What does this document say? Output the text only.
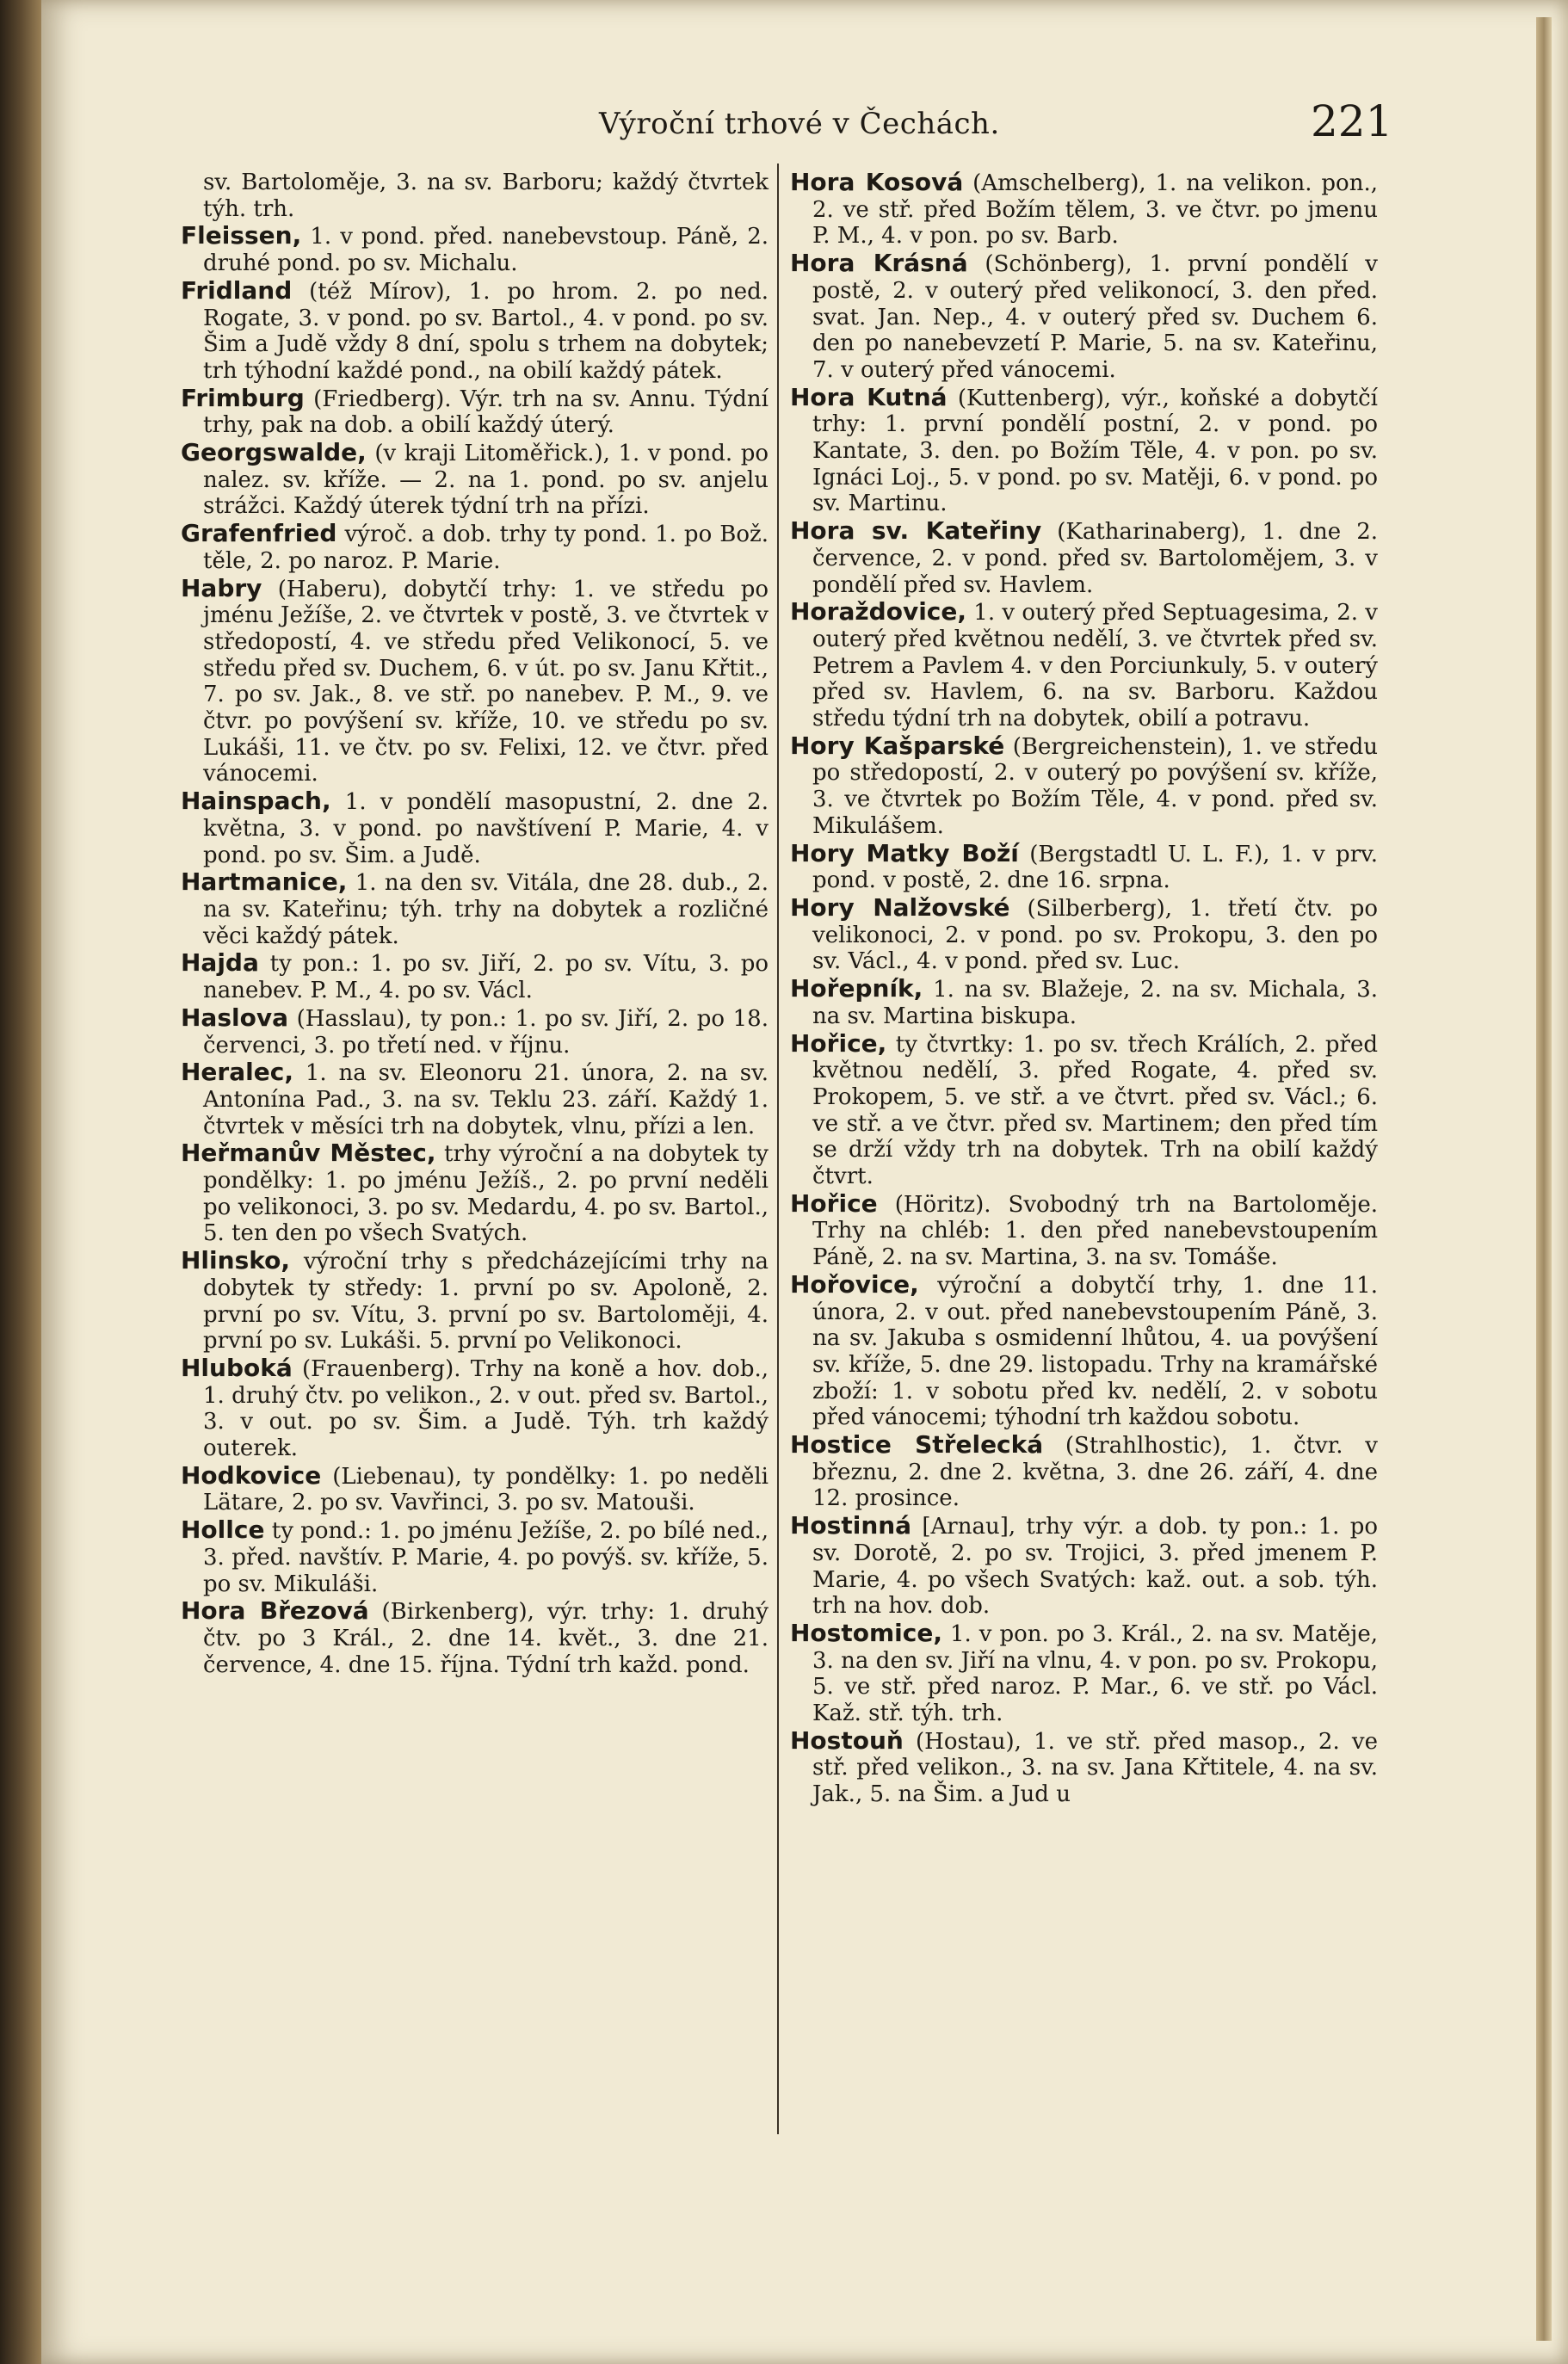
Výroční trhové v Čechách.	221

sv. Bartoloměje, 3. na sv. Barboru; každý čtvrtek týh. trh.

Fleissen, 1. v pond. před. nanebevstoup. Páně, 2. druhé pond. po sv. Michalu.

Fridland (též Mírov), 1. po hrom. 2. po ned. Rogate, 3. v pond. po sv. Bartol., 4. v pond. po sv. Šim a Judě vždy 8 dní, spolu s trhem na dobytek; trh týhodní každé pond., na obilí každý pátek.

Frimburg (Friedberg). Výr. trh na sv. Annu. Týdní trhy, pak na dob. a obilí každý úterý.

Georgswalde, (v kraji Litoměřick.), 1. v pond. po nalez. sv. kříže. — 2. na 1. pond. po sv. anjelu strážci. Každý úterek týdní trh na přízi.

Grafenfried výroč. a dob. trhy ty pond. 1. po Bož. těle, 2. po naroz. P. Marie.

Habry (Haberu), dobytčí trhy: 1. ve středu po jménu Ježíše, 2. ve čtvrtek v postě, 3. ve čtvrtek v středopostí, 4. ve středu před Velikonocí, 5. ve středu před sv. Duchem, 6. v út. po sv. Janu Křtit., 7. po sv. Jak., 8. ve stř. po nanebev. P. M., 9. ve čtvr. po povýšení sv. kříže, 10. ve středu po sv. Lukáši, 11. ve čtv. po sv. Felixi, 12. ve čtvr. před vánocemi.

Hainspach, 1. v pondělí masopustní, 2. dne 2. května, 3. v pond. po navštívení P. Marie, 4. v pond. po sv. Šim. a Judě.

Hartmanice, 1. na den sv. Vitála, dne 28. dub., 2. na sv. Kateřinu; týh. trhy na dobytek a rozličné věci každý pátek.

Hajda ty pon.: 1. po sv. Jiří, 2. po sv. Vítu, 3. po nanebev. P. M., 4. po sv. Václ.

Haslova (Hasslau), ty pon.: 1. po sv. Jiří, 2. po 18. červenci, 3. po třetí ned. v říjnu.

Heralec, 1. na sv. Eleonoru 21. února, 2. na sv. Antonína Pad., 3. na sv. Teklu 23. září. Každý 1. čtvrtek v měsíci trh na dobytek, vlnu, přízi a len.

Heřmanův Městec, trhy výroční a na dobytek ty pondělky: 1. po jménu Ježíš., 2. po první neděli po velikonoci, 3. po sv. Medardu, 4. po sv. Bartol., 5. ten den po všech Svatých.

Hlinsko, výroční trhy s předcházejícími trhy na dobytek ty středy: 1. první po sv. Apoloně, 2. první po sv. Vítu, 3. první po sv. Bartoloměji, 4. první po sv. Lukáši. 5. první po Velikonoci.

Hluboká (Frauenberg). Trhy na koně a hov. dob., 1. druhý čtv. po velikon., 2. v out. před sv. Bartol., 3. v out. po sv. Šim. a Judě. Týh. trh každý outerek.

Hodkovice (Liebenau), ty pondělky: 1. po neděli Lätare, 2. po sv. Vavřinci, 3. po sv. Matouši.

Hollce ty pond.: 1. po jménu Ježíše, 2. po bílé ned., 3. před. navštív. P. Marie, 4. po povýš. sv. kříže, 5. po sv. Mikuláši.

Hora Březová (Birkenberg), výr. trhy: 1. druhý čtv. po 3 Král., 2. dne 14. květ., 3. dne 21. července, 4. dne 15. října. Týdní trh každ. pond.

Hora Kosová (Amschelberg), 1. na velikon. pon., 2. ve stř. před Božím tělem, 3. ve čtvr. po jmenu P. M., 4. v pon. po sv. Barb.

Hora Krásná (Schönberg), 1. první pondělí v postě, 2. v outerý před velikonocí, 3. den před. svat. Jan. Nep., 4. v outerý před sv. Duchem 6. den po nanebevzetí P. Marie, 5. na sv. Kateřinu, 7. v outerý před vánocemi.

Hora Kutná (Kuttenberg), výr., koňské a dobytčí trhy: 1. první pondělí postní, 2. v pond. po Kantate, 3. den. po Božím Těle, 4. v pon. po sv. Ignáci Loj., 5. v pond. po sv. Matěji, 6. v pond. po sv. Martinu.

Hora sv. Kateřiny (Katharinaberg), 1. dne 2. července, 2. v pond. před sv. Bartoloměj​em, 3. v pondělí před sv. Havlem.

Horaždovice, 1. v outerý před Septuagesima, 2. v outerý před květnou nedělí, 3. ve čtvrtek před sv. Petrem a Pavlem 4. v den Porciunkuly, 5. v outerý před sv. Havlem, 6. na sv. Barboru. Každou středu týdní trh na dobytek, obilí a potravu.

Hory Kašparské (Bergreichenstein), 1. ve středu po středopostí, 2. v outerý po povýšení sv. kříže, 3. ve čtvrtek po Božím Těle, 4. v pond. před sv. Mikulášem.

Hory Matky Boží (Bergstadtl U. L. F.), 1. v prv. pond. v postě, 2. dne 16. srpna.

Hory Nalžovské (Silberberg), 1. třetí čtv. po velikonoci, 2. v pond. po sv. Prokopu, 3. den po sv. Václ., 4. v pond. před sv. Luc.

Hořepník, 1. na sv. Blažeje, 2. na sv. Michala, 3. na sv. Martina biskupa.

Hořice, ty čtvrtky: 1. po sv. třech Králích, 2. před květnou nedělí, 3. před Rogate, 4. před sv. Prokopem, 5. ve stř. a ve čtvrt. před sv. Václ.; 6. ve stř. a ve čtvr. před sv. Martinem; den před tím se drží vždy trh na dobytek. Trh na obilí každý čtvrt.

Hořice (Höritz). Svobodný trh na Bartoloměje. Trhy na chléb: 1. den před nanebevstoupením Páně, 2. na sv. Martina, 3. na sv. Tomáše.

Hořovice, výroční a dobytčí trhy, 1. dne 11. února, 2. v out. před nanebevstoupením Páně, 3. na sv. Jakuba s osmidenní lhůtou, 4. ua povýšení sv. kříže, 5. dne 29. listopadu. Trhy na kramářské zboží: 1. v sobotu před kv. nedělí, 2. v sobotu před vánocemi; týhodní trh každou sobotu.

Hostice Střelecká (Strahlhostic), 1. čtvr. v březnu, 2. dne 2. května, 3. dne 26. září, 4. dne 12. prosince.

Hostinná [Arnau], trhy výr. a dob. ty pon.: 1. po sv. Dorotě, 2. po sv. Trojici, 3. před jmenem P. Marie, 4. po všech Svatých: kaž. out. a sob. týh. trh na hov. dob.

Hostomice, 1. v pon. po 3. Král., 2. na sv. Matěje, 3. na den sv. Jiří na vlnu, 4. v pon. po sv. Prokopu, 5. ve stř. před naroz. P. Mar., 6. ve stř. po Václ. Kaž. stř. týh. trh.

Hostouň (Hostau), 1. ve stř. před masop., 2. ve stř. před velikon., 3. na sv. Jana Křtitele, 4. na sv. Jak., 5. na Šim. a Jud u
